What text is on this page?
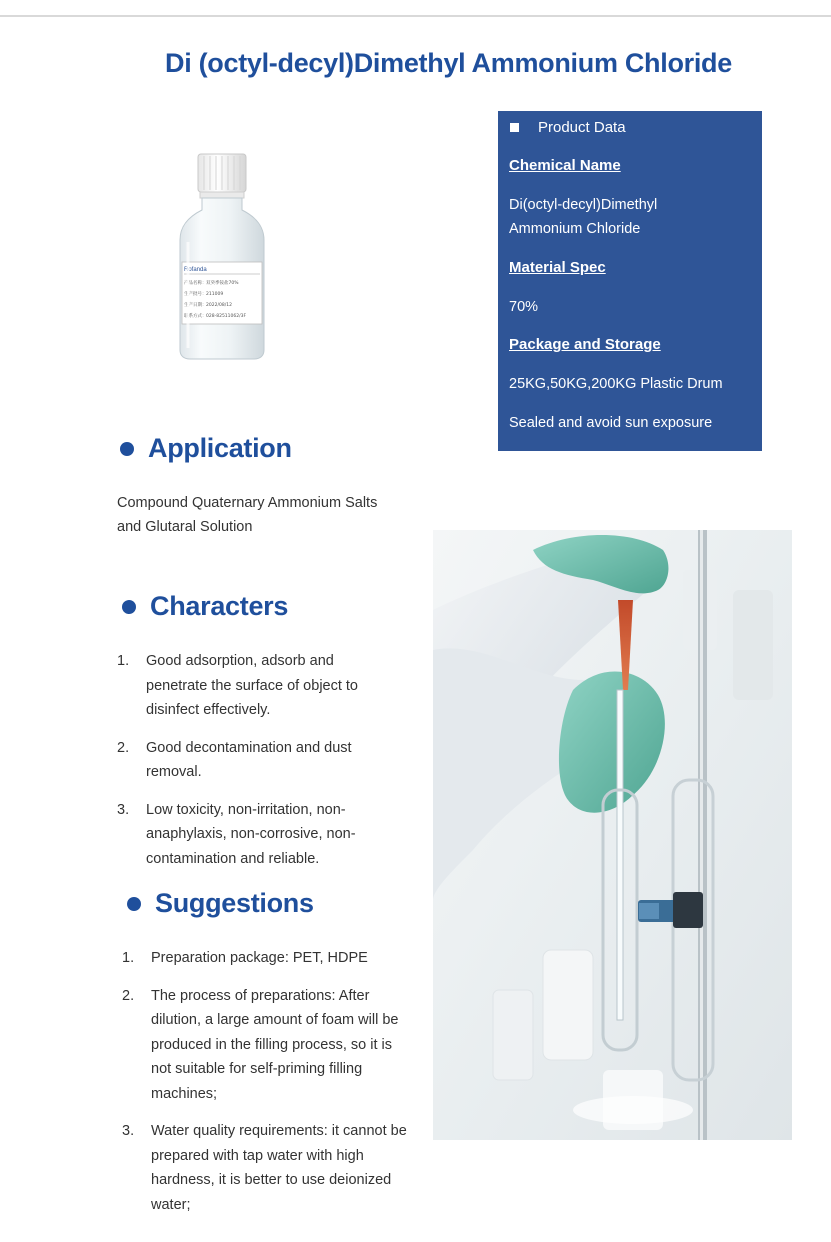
Di (octyl-decyl)Dimethyl Ammonium Chloride
Rofanda
产品名称： 双癸季铵盐70%
生产批号： 211009
生产日期： 2022/08/12
联系方式： 028-82511062/3F
Product Data
Chemical Name
Di(octyl-decyl)Dimethyl
Ammonium Chloride
Material Spec
70%
Package and Storage
25KG,50KG,200KG Plastic Drum
Sealed and avoid sun exposure
Application
Compound Quaternary Ammonium Salts
and Glutaral Solution
Characters
1. Good adsorption, adsorb and
penetrate the surface of object to
disinfect effectively.
2. Good decontamination and dust
removal.
3. Low toxicity, non-irritation, non-
anaphylaxis, non-corrosive, non-
contamination and reliable.
Suggestions
1. Preparation package: PET, HDPE
2. The process of preparations: After
dilution, a large amount of foam will be
produced in the filling process, so it is
not suitable for self-priming filling
machines;
3. Water quality requirements: it cannot be
prepared with tap water with high
hardness, it is better to use deionized
water;
